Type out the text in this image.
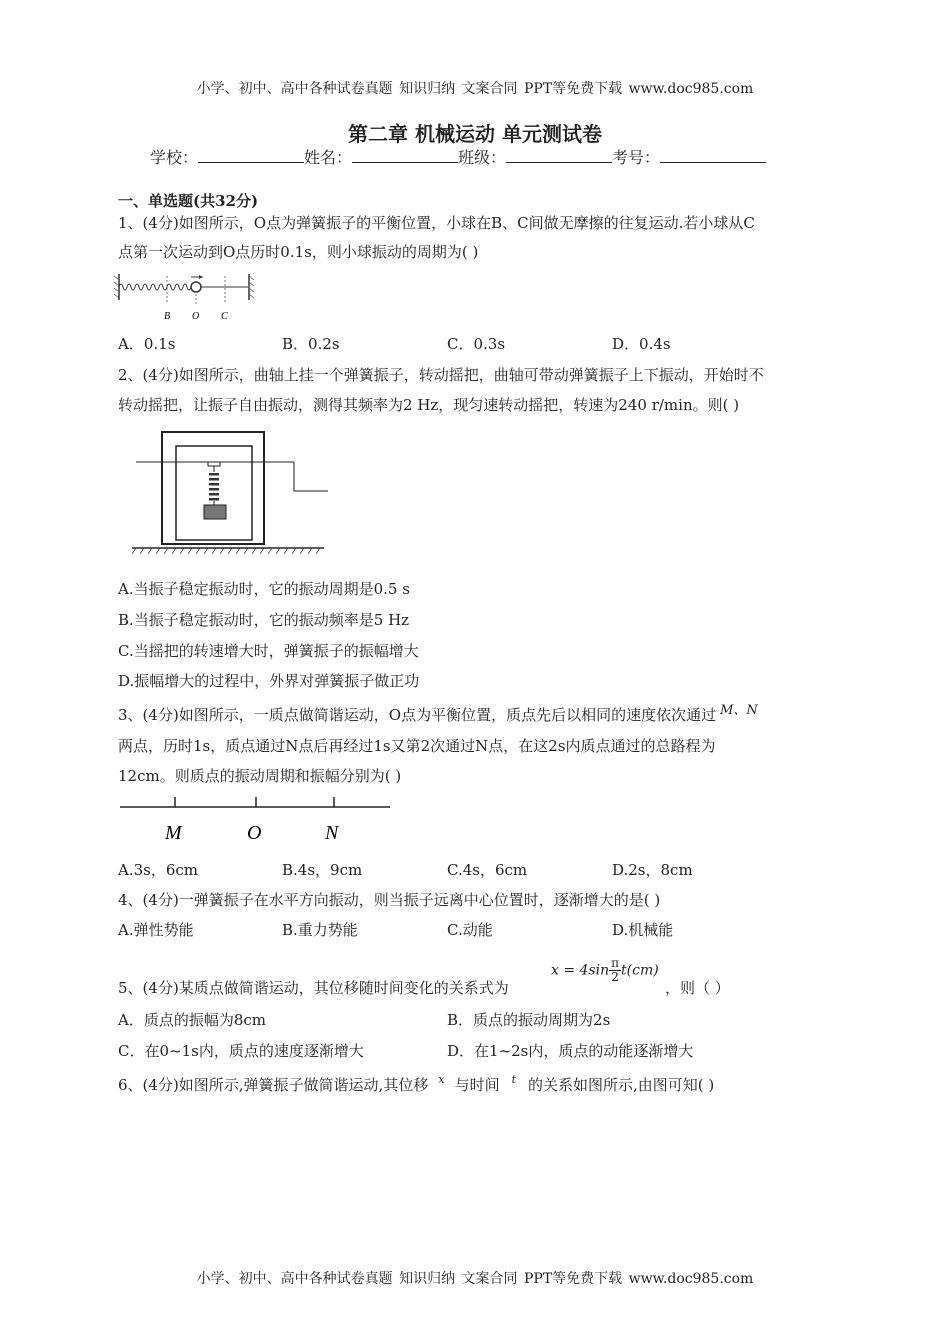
小学、初中、高中各种试卷真题 知识归纳 文案合同 PPT等免费下载 www.doc985.com
第二章 机械运动 单元测试卷
学校：	姓名：	班级：	考号：
一、单选题(共32分)
1、(4分)如图所示，O点为弹簧振子的平衡位置，小球在B、C间做无摩擦的往复运动.若小球从C
点第一次运动到O点历时0.1s，则小球振动的周期为( )
B O C
A．0.1s	B．0.2s	C．0.3s	D．0.4s
2、(4分)如图所示，曲轴上挂一个弹簧振子，转动摇把，曲轴可带动弹簧振子上下振动，开始时不
转动摇把，让振子自由振动，测得其频率为2 Hz，现匀速转动摇把，转速为240 r/min。则( )
A.当振子稳定振动时，它的振动周期是0.5 s
B.当振子稳定振动时，它的振动频率是5 Hz
C.当摇把的转速增大时，弹簧振子的振幅增大
D.振幅增大的过程中，外界对弹簧振子做正功
3、(4分)如图所示，一质点做简谐运动，O点为平衡位置，质点先后以相同的速度依次通过 M、N
两点，历时1s，质点通过N点后再经过1s又第2次通过N点，在这2s内质点通过的总路程为
12cm。则质点的振动周期和振幅分别为( )
M	O	N
A.3s，6cm	B.4s，9cm	C.4s，6cm	D.2s，8cm
4、(4分)一弹簧振子在水平方向振动，则当振子远离中心位置时，逐渐增大的是( )
A.弹性势能	B.重力势能	C.动能	D.机械能
5、(4分)某质点做简谐运动，其位移随时间变化的关系式为
$x = 4\sin \frac{\pi}{2} t(cm)$
，则（ ）
A．质点的振幅为8cm	B．质点的振动周期为2s
C．在0~1s内，质点的速度逐渐增大	D．在1~2s内，质点的动能逐渐增大
6、(4分)如图所示,弹簧振子做简谐运动,其位移 $^x$ 与时间 $^t$ 的关系如图所示,由图可知( )
小学、初中、高中各种试卷真题 知识归纳 文案合同 PPT等免费下载 www.doc985.com
